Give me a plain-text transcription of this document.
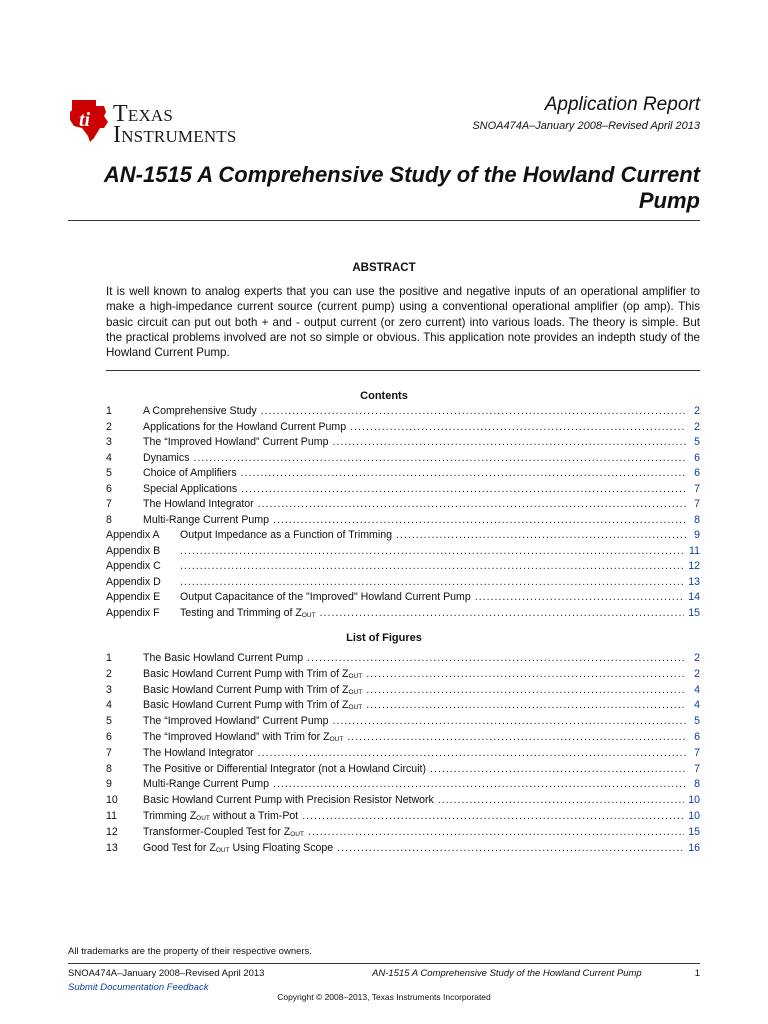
ti Texas
Instruments
Application Report
SNOA474A–January 2008–Revised April 2013
AN-1515 A Comprehensive Study of the Howland Current Pump
ABSTRACT
It is well known to analog experts that you can use the positive and negative inputs of an operational amplifier to make a high-impedance current source (current pump) using a conventional operational amplifier (op amp). This basic circuit can put out both + and - output current (or zero current) into various loads. The theory is simple. But the practical problems involved are not so simple or obvious. This application note provides an indepth study of the Howland Current Pump.
Contents
1	A Comprehensive Study .....	2
2	Applications for the Howland Current Pump .....	2
3	The “Improved Howland” Current Pump .....	5
4	Dynamics .....	6
5	Choice of Amplifiers .....	6
6	Special Applications .....	7
7	The Howland Integrator .....	7
8	Multi-Range Current Pump .....	8
Appendix A	Output Impedance as a Function of Trimming .....	9
Appendix B .....	11
Appendix C .....	12
Appendix D .....	13
Appendix E	Output Capacitance of the "Improved" Howland Current Pump .....	14
Appendix F	Testing and Trimming of $Z_{OUT}$ .....	15
List of Figures
1	The Basic Howland Current Pump .....	2
2	Basic Howland Current Pump with Trim of $Z_{OUT}$ .....	2
3	Basic Howland Current Pump with Trim of $Z_{OUT}$ .....	4
4	Basic Howland Current Pump with Trim of $Z_{OUT}$ .....	4
5	The “Improved Howland” Current Pump .....	5
6	The “Improved Howland” with Trim for $Z_{OUT}$ .....	6
7	The Howland Integrator .....	7
8	The Positive or Differential Integrator (not a Howland Circuit) .....	7
9	Multi-Range Current Pump .....	8
10	Basic Howland Current Pump with Precision Resistor Network .....	10
11	Trimming $Z_{OUT}$ without a Trim-Pot .....	10
12	Transformer-Coupled Test for $Z_{OUT}$ .....	15
13	Good Test for $Z_{OUT}$ Using Floating Scope .....	16
All trademarks are the property of their respective owners.
SNOA474A–January 2008–Revised April 2013
Submit Documentation Feedback
AN-1515 A Comprehensive Study of the Howland Current Pump	1
Copyright © 2008–2013, Texas Instruments Incorporated
